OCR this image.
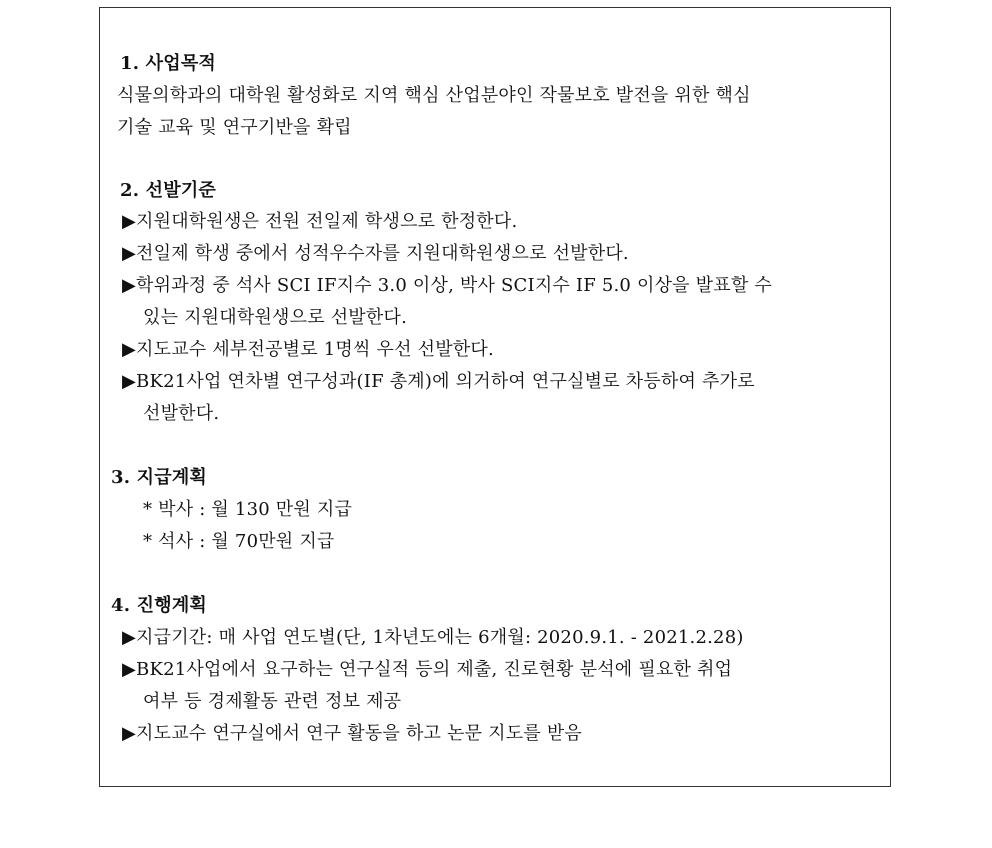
1. 사업목적
식물의학과의 대학원 활성화로 지역 핵심 산업분야인 작물보호 발전을 위한 핵심
기술 교육 및 연구기반을 확립
2. 선발기준
▶지원대학원생은 전원 전일제 학생으로 한정한다.
▶전일제 학생 중에서 성적우수자를 지원대학원생으로 선발한다.
▶학위과정 중 석사 SCI IF지수 3.0 이상, 박사 SCI지수 IF 5.0 이상을 발표할 수
있는 지원대학원생으로 선발한다.
▶지도교수 세부전공별로 1명씩 우선 선발한다.
▶BK21사업 연차별 연구성과(IF 총계)에 의거하여 연구실별로 차등하여 추가로
선발한다.
3. 지급계획
* 박사 : 월 130 만원 지급
* 석사 : 월 70만원 지급
4. 진행계획
▶지급기간: 매 사업 연도별(단, 1차년도에는 6개월: 2020.9.1. - 2021.2.28)
▶BK21사업에서 요구하는 연구실적 등의 제출, 진로현황 분석에 필요한 취업
여부 등 경제활동 관련 정보 제공
▶지도교수 연구실에서 연구 활동을 하고 논문 지도를 받음
